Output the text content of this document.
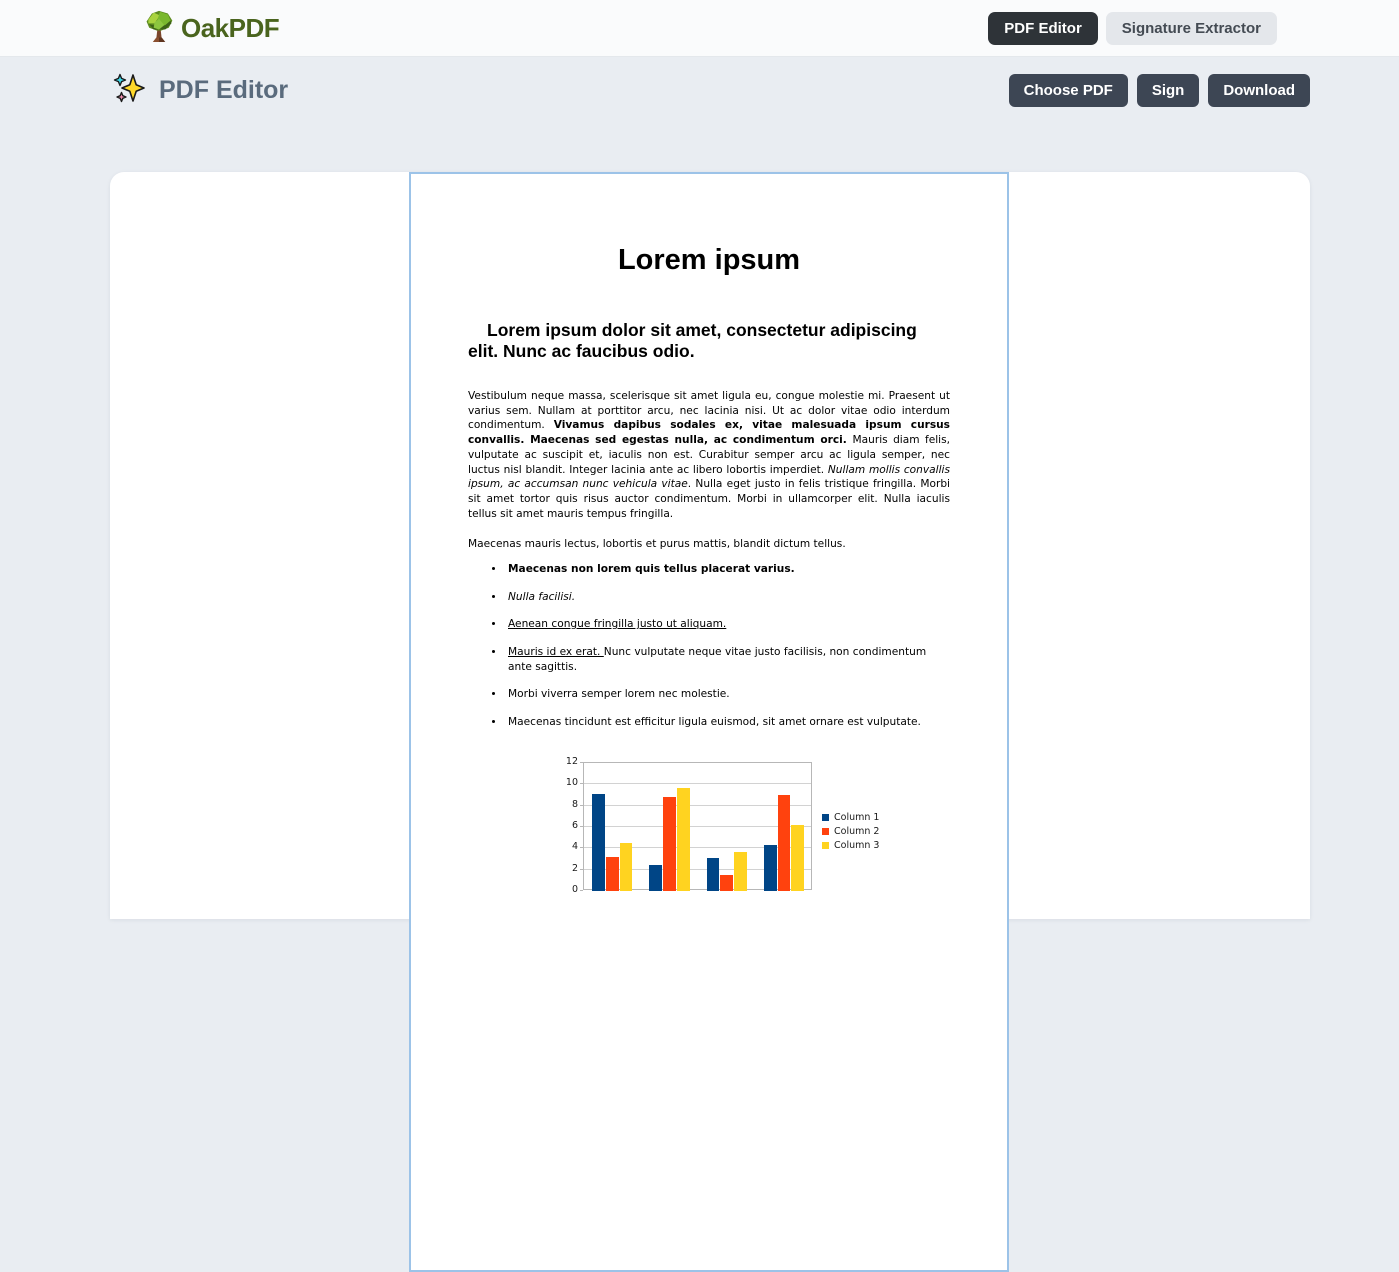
OakPDF	PDF Editor	Signature Extractor
PDF Editor	Choose PDF	Sign	Download
Lorem ipsum
Lorem ipsum dolor sit amet, consectetur adipiscing elit. Nunc ac faucibus odio.

Vestibulum neque massa, scelerisque sit amet ligula eu, congue molestie mi. Praesent ut varius sem. Nullam at porttitor arcu, nec lacinia nisi. Ut ac dolor vitae odio interdum condimentum. Vivamus dapibus sodales ex, vitae malesuada ipsum cursus convallis. Maecenas sed egestas nulla, ac condimentum orci. Mauris diam felis, vulputate ac suscipit et, iaculis non est. Curabitur semper arcu ac ligula semper, nec luctus nisl blandit. Integer lacinia ante ac libero lobortis imperdiet. Nullam mollis convallis ipsum, ac accumsan nunc vehicula vitae. Nulla eget justo in felis tristique fringilla. Morbi sit amet tortor quis risus auctor condimentum. Morbi in ullamcorper elit. Nulla iaculis tellus sit amet mauris tempus fringilla.

Maecenas mauris lectus, lobortis et purus mattis, blandit dictum tellus.

• Maecenas non lorem quis tellus placerat varius.
• Nulla facilisi.
• Aenean congue fringilla justo ut aliquam.
• Mauris id ex erat. Nunc vulputate neque vitae justo facilisis, non condimentum ante sagittis.
• Morbi viverra semper lorem nec molestie.
• Maecenas tincidunt est efficitur ligula euismod, sit amet ornare est vulputate.
0
2
4
6
8
10
12
Column 1
Column 2
Column 3
